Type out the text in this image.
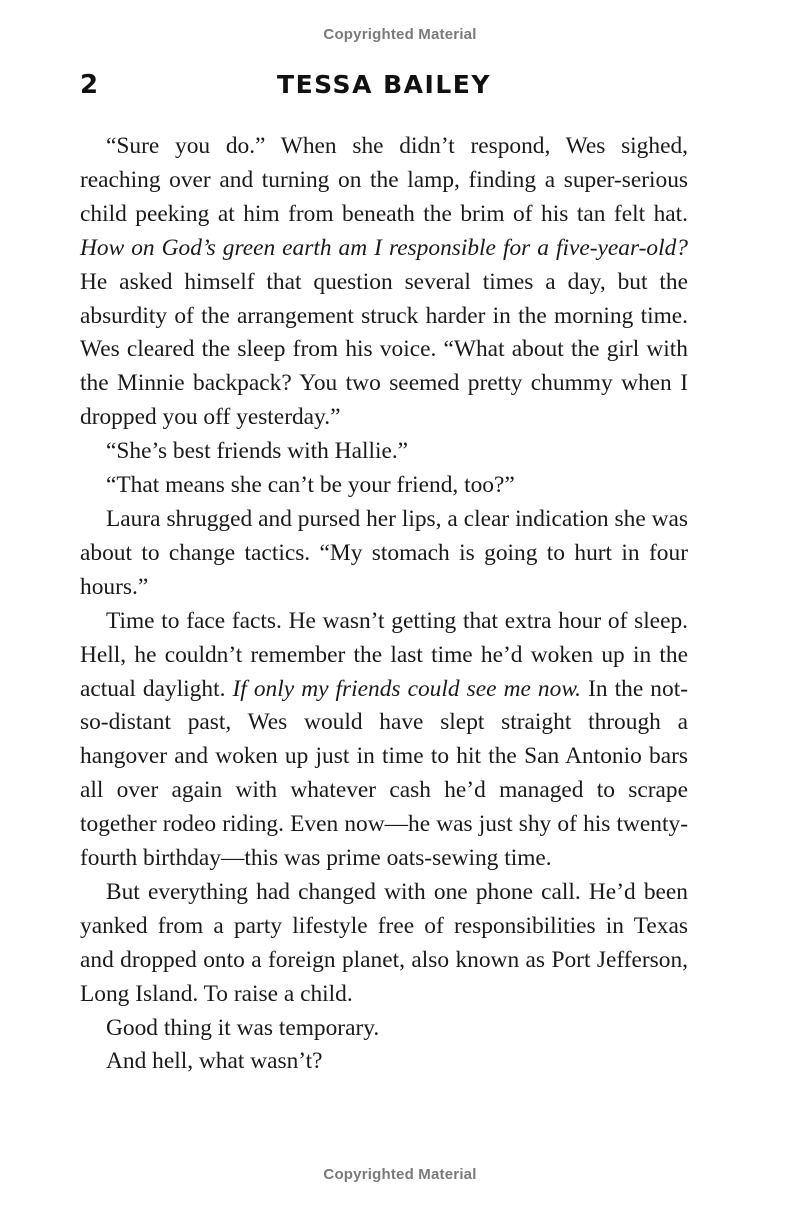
Copyrighted Material
2	TESSA BAILEY

“Sure you do.” When she didn’t respond, Wes sighed, reaching over and turning on the lamp, finding a super-serious child peeking at him from beneath the brim of his tan felt hat. How on God’s green earth am I responsible for a five-year-old? He asked himself that question several times a day, but the absurdity of the arrangement struck harder in the morning time. Wes cleared the sleep from his voice. “What about the girl with the Minnie backpack? You two seemed pretty chummy when I dropped you off yesterday.”

“She’s best friends with Hallie.”

“That means she can’t be your friend, too?”

Laura shrugged and pursed her lips, a clear indication she was about to change tactics. “My stomach is going to hurt in four hours.”

Time to face facts. He wasn’t getting that extra hour of sleep. Hell, he couldn’t remember the last time he’d woken up in the actual daylight. If only my friends could see me now. In the not-so-distant past, Wes would have slept straight through a hangover and woken up just in time to hit the San Antonio bars all over again with whatever cash he’d managed to scrape together rodeo riding. Even now—he was just shy of his twenty-fourth birthday—this was prime oats-sewing time.

But everything had changed with one phone call. He’d been yanked from a party lifestyle free of responsibilities in Texas and dropped onto a foreign planet, also known as Port Jefferson, Long Island. To raise a child.

Good thing it was temporary.

And hell, what wasn’t?

Copyrighted Material
